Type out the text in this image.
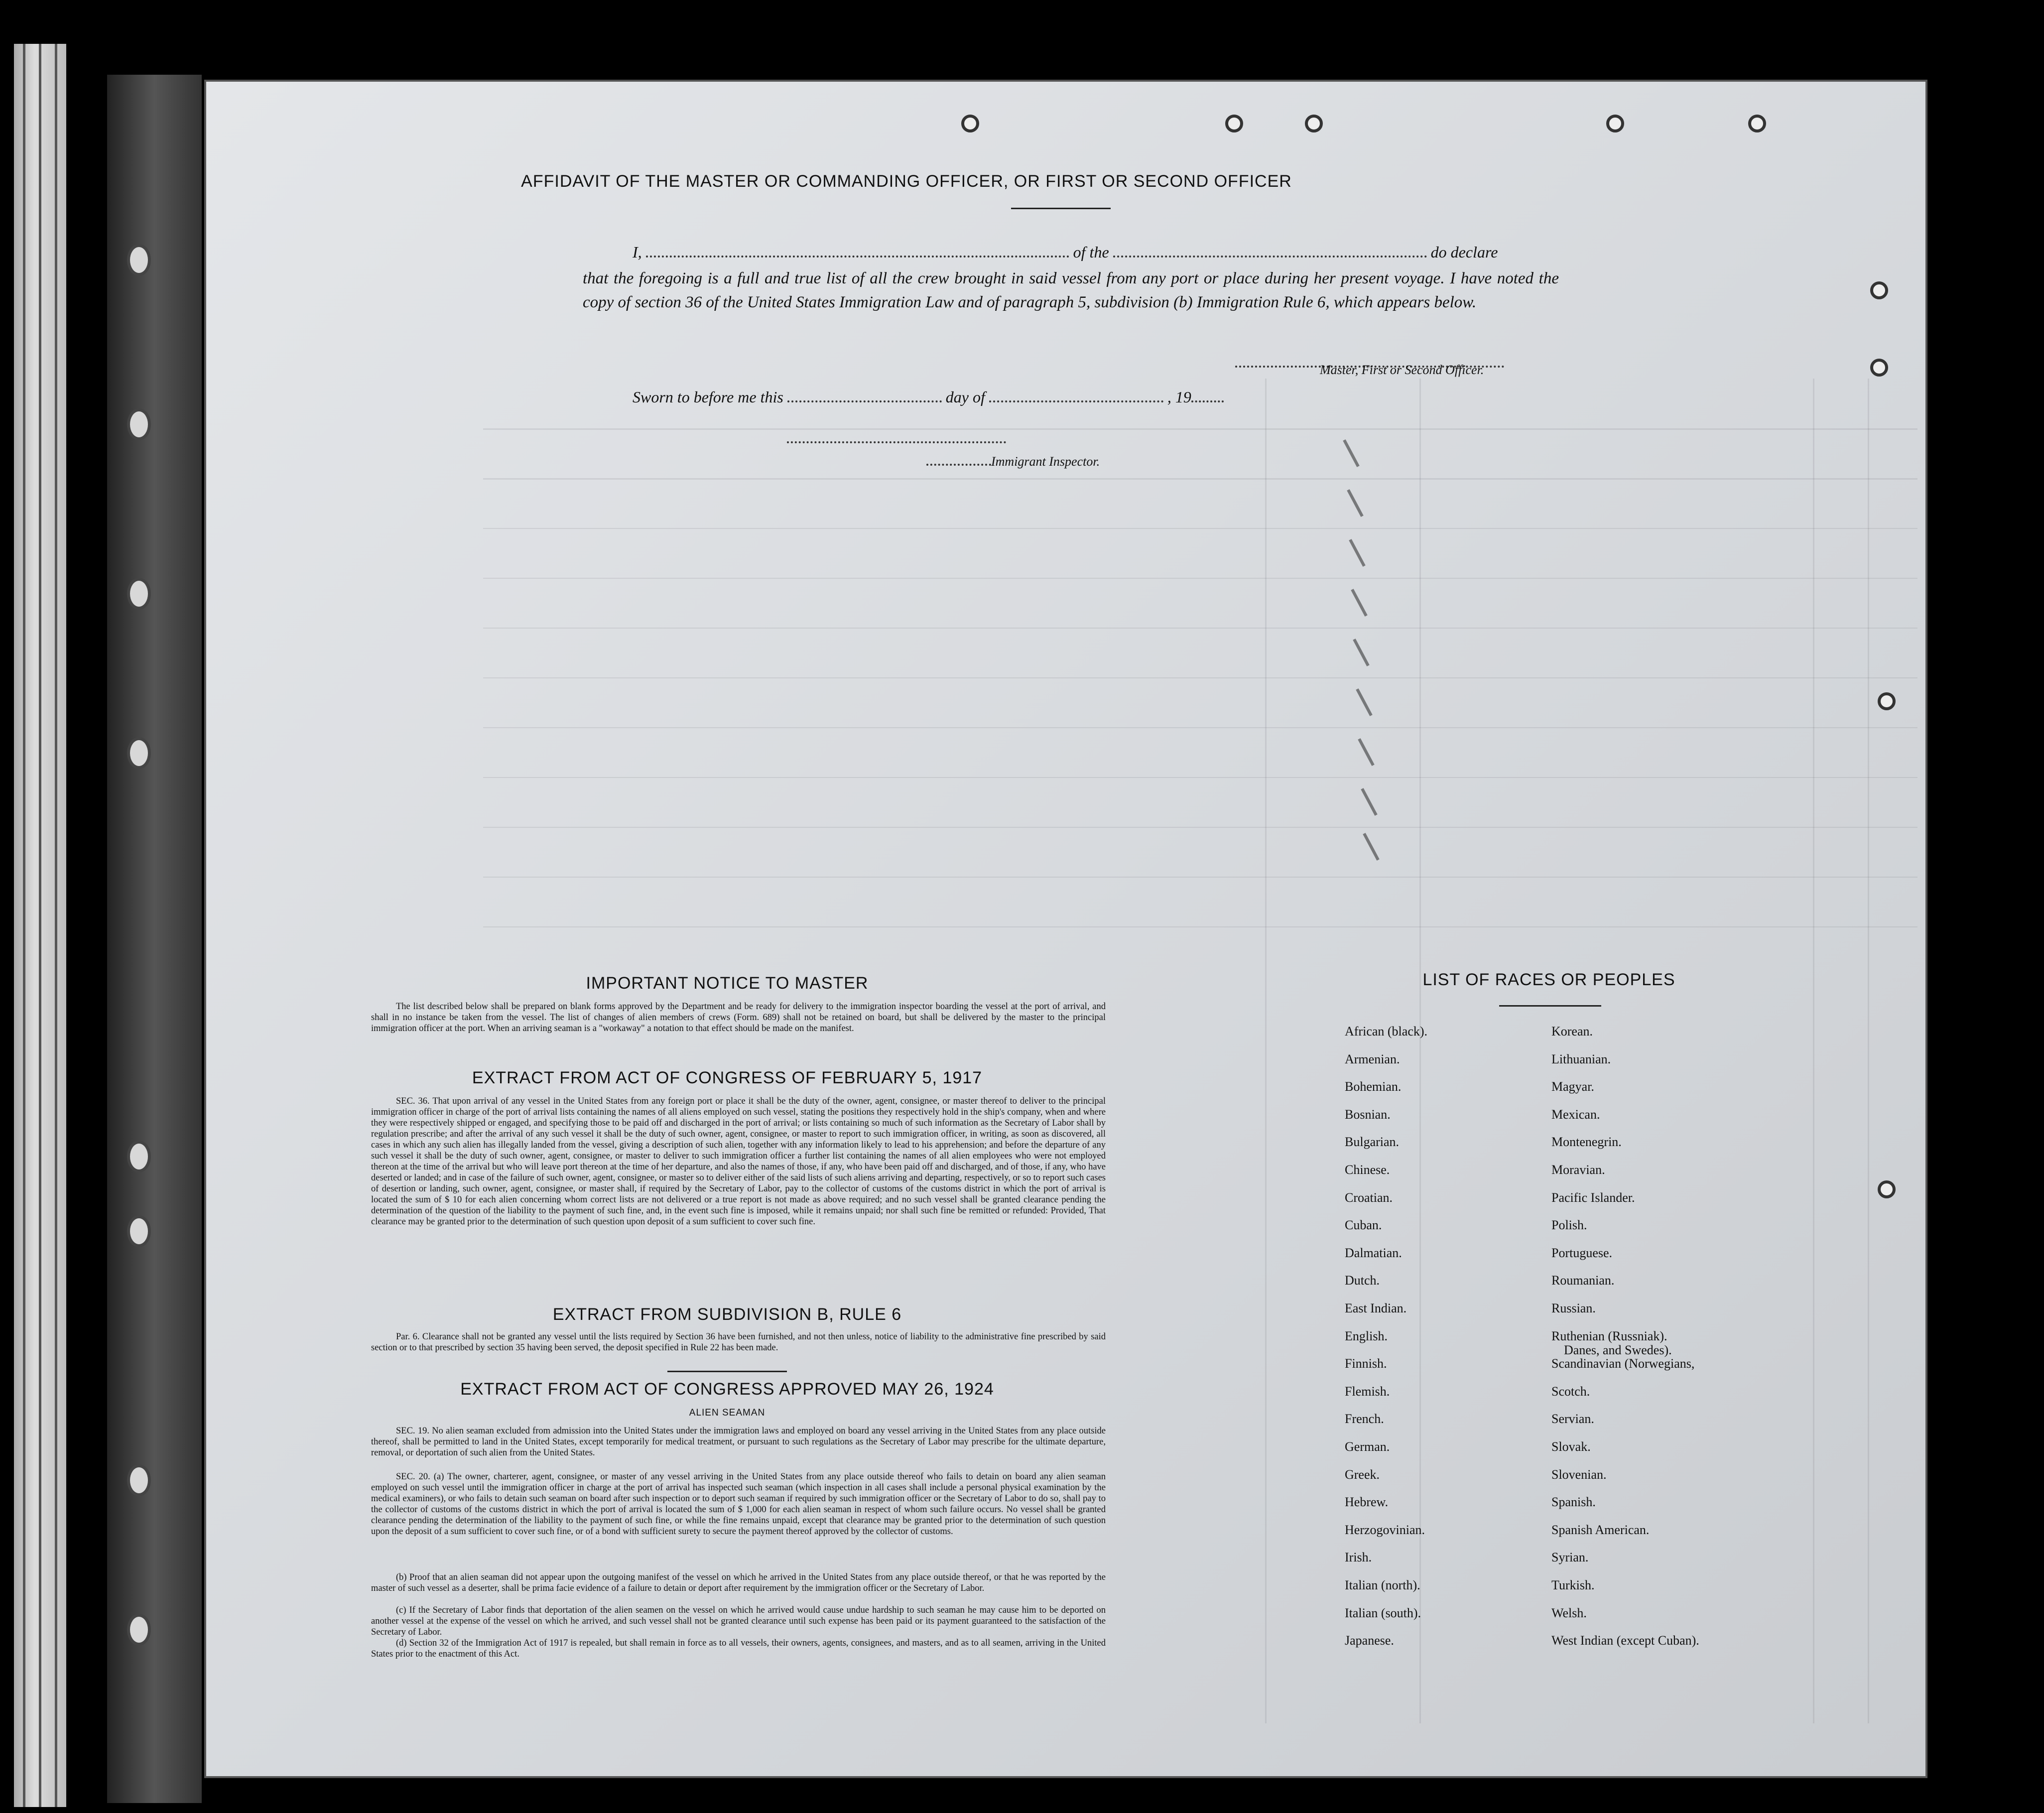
AFFIDAVIT OF THE MASTER OR COMMANDING OFFICER, OR FIRST OR SECOND OFFICER
I,	of the	do declare
that the foregoing is a full and true list of all the crew brought in said vessel from any port or place during her present voyage. I have noted the copy of section 36 of the United States Immigration Law and of paragraph 5, subdivision (b) Immigration Rule 6, which appears below.
Master, First or Second Officer.
Sworn to before me this	day of	, 19
Immigrant Inspector.
IMPORTANT NOTICE TO MASTER
The list described below shall be prepared on blank forms approved by the Department and be ready for delivery to the immigration inspector boarding the vessel at the port of arrival, and shall in no instance be taken from the vessel. The list of changes of alien members of crews (Form. 689) shall not be retained on board, but shall be delivered by the master to the principal immigration officer at the port. When an arriving seaman is a "workaway" a notation to that effect should be made on the manifest.
EXTRACT FROM ACT OF CONGRESS OF FEBRUARY 5, 1917
SEC. 36. That upon arrival of any vessel in the United States from any foreign port or place it shall be the duty of the owner, agent, consignee, or master thereof to deliver to the principal immigration officer in charge of the port of arrival lists containing the names of all aliens employed on such vessel, stating the positions they respectively hold in the ship's company, when and where they were respectively shipped or engaged, and specifying those to be paid off and discharged in the port of arrival; or lists containing so much of such information as the Secretary of Labor shall by regulation prescribe; and after the arrival of any such vessel it shall be the duty of such owner, agent, consignee, or master to report to such immigration officer, in writing, as soon as discovered, all cases in which any such alien has illegally landed from the vessel, giving a description of such alien, together with any information likely to lead to his apprehension; and before the departure of any such vessel it shall be the duty of such owner, agent, consignee, or master to deliver to such immigration officer a further list containing the names of all alien employees who were not employed thereon at the time of the arrival but who will leave port thereon at the time of her departure, and also the names of those, if any, who have been paid off and discharged, and of those, if any, who have deserted or landed; and in case of the failure of such owner, agent, consignee, or master so to deliver either of the said lists of such aliens arriving and departing, respectively, or so to report such cases of desertion or landing, such owner, agent, consignee, or master shall, if required by the Secretary of Labor, pay to the collector of customs of the customs district in which the port of arrival is located the sum of $ 10 for each alien concerning whom correct lists are not delivered or a true report is not made as above required; and no such vessel shall be granted clearance pending the determination of the question of the liability to the payment of such fine, and, in the event such fine is imposed, while it remains unpaid; nor shall such fine be remitted or refunded: Provided, That clearance may be granted prior to the determination of such question upon deposit of a sum sufficient to cover such fine.
EXTRACT FROM SUBDIVISION B, RULE 6
Par. 6. Clearance shall not be granted any vessel until the lists required by Section 36 have been furnished, and not then unless, notice of liability to the administrative fine prescribed by said section or to that prescribed by section 35 having been served, the deposit specified in Rule 22 has been made.
EXTRACT FROM ACT OF CONGRESS APPROVED MAY 26, 1924
ALIEN SEAMAN
SEC. 19. No alien seaman excluded from admission into the United States under the immigration laws and employed on board any vessel arriving in the United States from any place outside thereof, shall be permitted to land in the United States, except temporarily for medical treatment, or pursuant to such regulations as the Secretary of Labor may prescribe for the ultimate departure, removal, or deportation of such alien from the United States.
SEC. 20. (a) The owner, charterer, agent, consignee, or master of any vessel arriving in the United States from any place outside thereof who fails to detain on board any alien seaman employed on such vessel until the immigration officer in charge at the port of arrival has inspected such seaman (which inspection in all cases shall include a personal physical examination by the medical examiners), or who fails to detain such seaman on board after such inspection or to deport such seaman if required by such immigration officer or the Secretary of Labor to do so, shall pay to the collector of customs of the customs district in which the port of arrival is located the sum of $ 1,000 for each alien seaman in respect of whom such failure occurs. No vessel shall be granted clearance pending the determination of the liability to the payment of such fine, or while the fine remains unpaid, except that clearance may be granted prior to the determination of such question upon the deposit of a sum sufficient to cover such fine, or of a bond with sufficient surety to secure the payment thereof approved by the collector of customs.
(b) Proof that an alien seaman did not appear upon the outgoing manifest of the vessel on which he arrived in the United States from any place outside thereof, or that he was reported by the master of such vessel as a deserter, shall be prima facie evidence of a failure to detain or deport after requirement by the immigration officer or the Secretary of Labor.
(c) If the Secretary of Labor finds that deportation of the alien seamen on the vessel on which he arrived would cause undue hardship to such seaman he may cause him to be deported on another vessel at the expense of the vessel on which he arrived, and such vessel shall not be granted clearance until such expense has been paid or its payment guaranteed to the satisfaction of the Secretary of Labor.
(d) Section 32 of the Immigration Act of 1917 is repealed, but shall remain in force as to all vessels, their owners, agents, consignees, and masters, and as to all seamen, arriving in the United States prior to the enactment of this Act.
LIST OF RACES OR PEOPLES
African (black).
Armenian.
Bohemian.
Bosnian.
Bulgarian.
Chinese.
Croatian.
Cuban.
Dalmatian.
Dutch.
East Indian.
English.
Finnish.
Flemish.
French.
German.
Greek.
Hebrew.
Herzogovinian.
Irish.
Italian (north).
Italian (south).
Japanese.
Korean.
Lithuanian.
Magyar.
Mexican.
Montenegrin.
Moravian.
Pacific Islander.
Polish.
Portuguese.
Roumanian.
Russian.
Ruthenian (Russniak).
Scandinavian (Norwegians,
Danes, and Swedes).
Scotch.
Servian.
Slovak.
Slovenian.
Spanish.
Spanish American.
Syrian.
Turkish.
Welsh.
West Indian (except Cuban).
